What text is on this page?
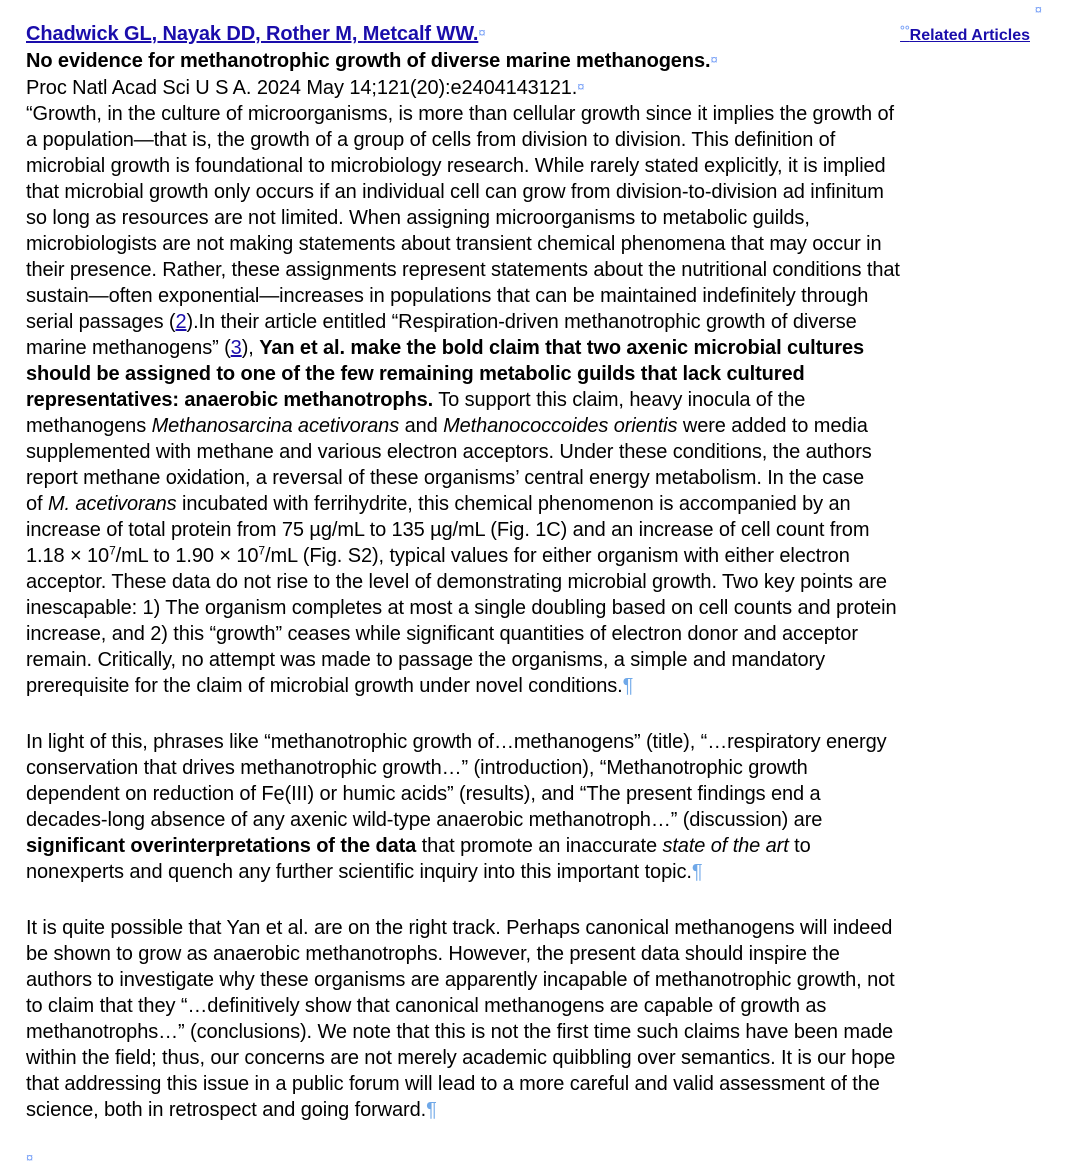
¤
°°Related Articles
Chadwick GL, Nayak DD, Rother M, Metcalf WW.¤
No evidence for methanotrophic growth of diverse marine methanogens.¤
Proc Natl Acad Sci U S A. 2024 May 14;121(20):e2404143121.¤
“Growth, in the culture of microorganisms, is more than cellular growth since it implies the growth of
a population—that is, the growth of a group of cells from division to division. This definition of
microbial growth is foundational to microbiology research. While rarely stated explicitly, it is implied
that microbial growth only occurs if an individual cell can grow from division-to-division ad infinitum
so long as resources are not limited. When assigning microorganisms to metabolic guilds,
microbiologists are not making statements about transient chemical phenomena that may occur in
their presence. Rather, these assignments represent statements about the nutritional conditions that
sustain—often exponential—increases in populations that can be maintained indefinitely through
serial passages (2).In their article entitled “Respiration-driven methanotrophic growth of diverse
marine methanogens” (3), Yan et al. make the bold claim that two axenic microbial cultures
should be assigned to one of the few remaining metabolic guilds that lack cultured
representatives: anaerobic methanotrophs. To support this claim, heavy inocula of the
methanogens Methanosarcina acetivorans and Methanococcoides orientis were added to media
supplemented with methane and various electron acceptors. Under these conditions, the authors
report methane oxidation, a reversal of these organisms’ central energy metabolism. In the case
of M. acetivorans incubated with ferrihydrite, this chemical phenomenon is accompanied by an
increase of total protein from 75 µg/mL to 135 µg/mL (Fig. 1C) and an increase of cell count from
$1.18 \times 10^7/mL$ to $1.90 \times 10^7/mL$ (Fig. S2), typical values for either organism with either electron
acceptor. These data do not rise to the level of demonstrating microbial growth. Two key points are
inescapable: 1) The organism completes at most a single doubling based on cell counts and protein
increase, and 2) this “growth” ceases while significant quantities of electron donor and acceptor
remain. Critically, no attempt was made to passage the organisms, a simple and mandatory
prerequisite for the claim of microbial growth under novel conditions.¶
In light of this, phrases like “methanotrophic growth of…methanogens” (title), “…respiratory energy
conservation that drives methanotrophic growth…” (introduction), “Methanotrophic growth
dependent on reduction of Fe(III) or humic acids” (results), and “The present findings end a
decades-long absence of any axenic wild-type anaerobic methanotroph…” (discussion) are
significant overinterpretations of the data that promote an inaccurate state of the art to
nonexperts and quench any further scientific inquiry into this important topic.¶
It is quite possible that Yan et al. are on the right track. Perhaps canonical methanogens will indeed
be shown to grow as anaerobic methanotrophs. However, the present data should inspire the
authors to investigate why these organisms are apparently incapable of methanotrophic growth, not
to claim that they “…definitively show that canonical methanogens are capable of growth as
methanotrophs…” (conclusions). We note that this is not the first time such claims have been made
within the field; thus, our concerns are not merely academic quibbling over semantics. It is our hope
that addressing this issue in a public forum will lead to a more careful and valid assessment of the
science, both in retrospect and going forward.¶
¤
